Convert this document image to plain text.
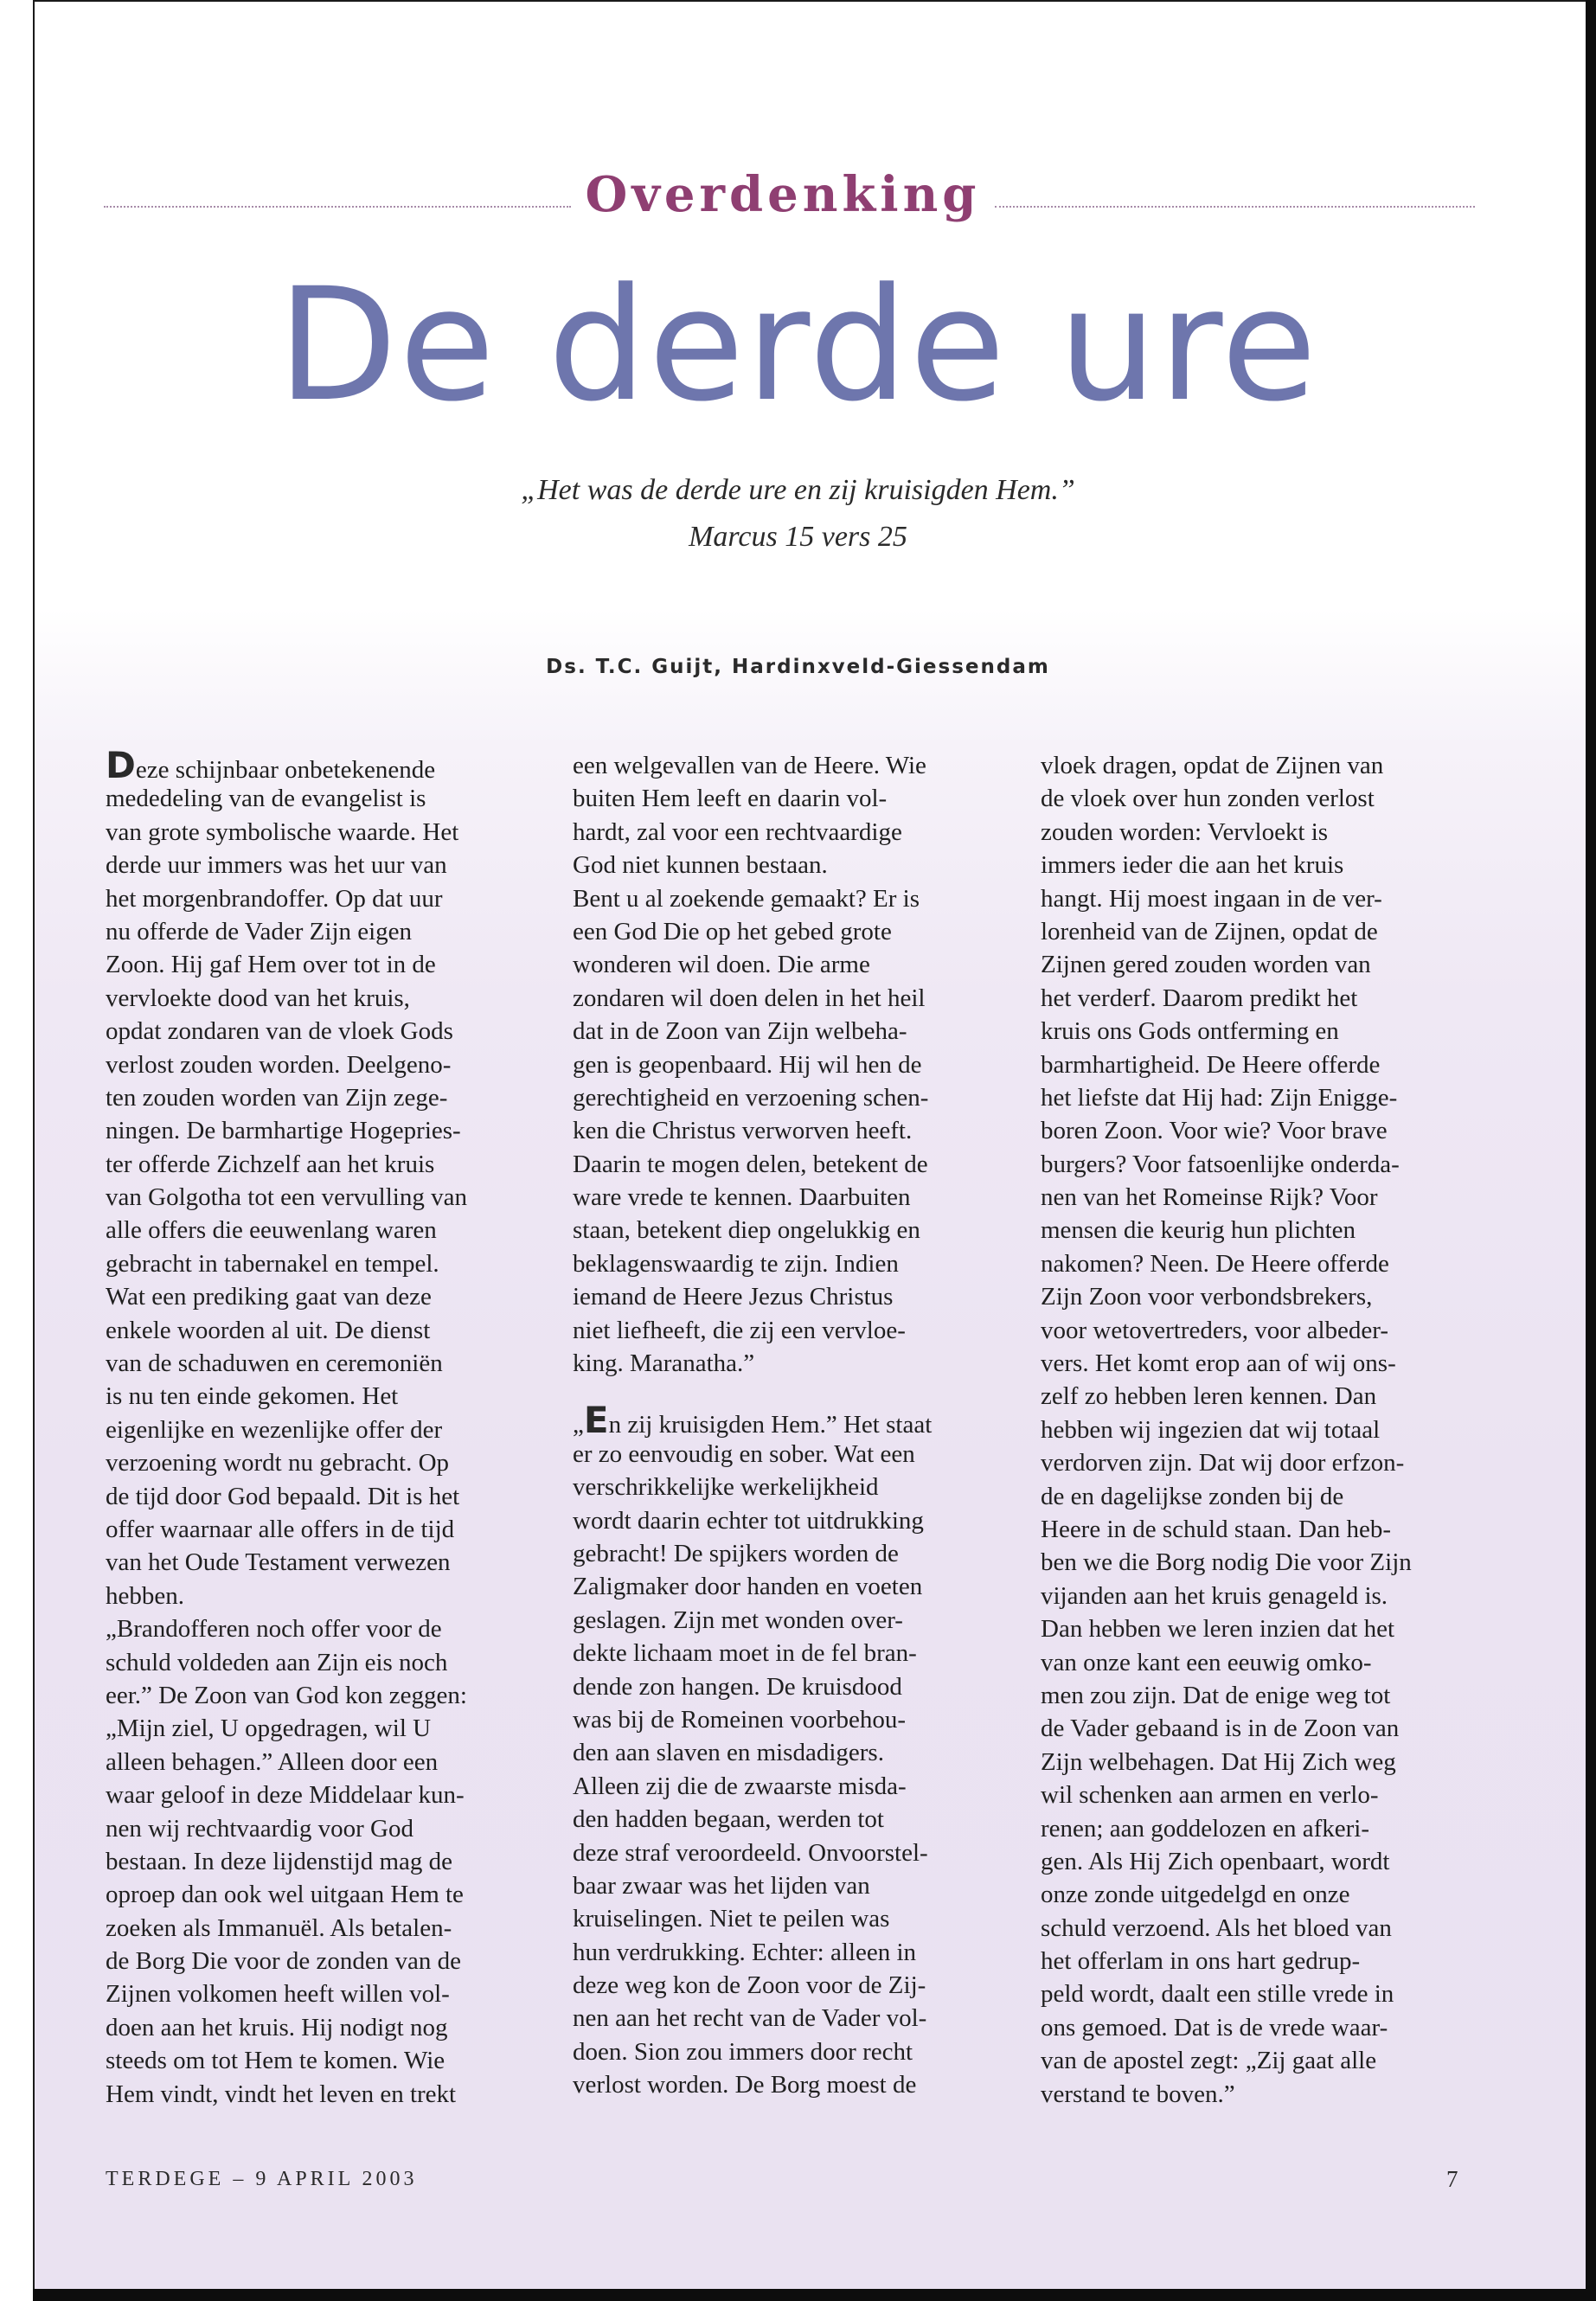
Overdenking
De derde ure
„Het was de derde ure en zij kruisigden Hem.”
Marcus 15 vers 25
Ds. T.C. Guijt, Hardinxveld-Giessendam
Deze schijnbaar onbetekenende
mededeling van de evangelist is
van grote symbolische waarde. Het
derde uur immers was het uur van
het morgenbrandoffer. Op dat uur
nu offerde de Vader Zijn eigen
Zoon. Hij gaf Hem over tot in de
vervloekte dood van het kruis,
opdat zondaren van de vloek Gods
verlost zouden worden. Deelgeno-
ten zouden worden van Zijn zege-
ningen. De barmhartige Hogepries-
ter offerde Zichzelf aan het kruis
van Golgotha tot een vervulling van
alle offers die eeuwenlang waren
gebracht in tabernakel en tempel.
Wat een prediking gaat van deze
enkele woorden al uit. De dienst
van de schaduwen en ceremoniën
is nu ten einde gekomen. Het
eigenlijke en wezenlijke offer der
verzoening wordt nu gebracht. Op
de tijd door God bepaald. Dit is het
offer waarnaar alle offers in de tijd
van het Oude Testament verwezen
hebben.
„Brandofferen noch offer voor de
schuld voldeden aan Zijn eis noch
eer.” De Zoon van God kon zeggen:
„Mijn ziel, U opgedragen, wil U
alleen behagen.” Alleen door een
waar geloof in deze Middelaar kun-
nen wij rechtvaardig voor God
bestaan. In deze lijdenstijd mag de
oproep dan ook wel uitgaan Hem te
zoeken als Immanuël. Als betalen-
de Borg Die voor de zonden van de
Zijnen volkomen heeft willen vol-
doen aan het kruis. Hij nodigt nog
steeds om tot Hem te komen. Wie
Hem vindt, vindt het leven en trekt
een welgevallen van de Heere. Wie
buiten Hem leeft en daarin vol-
hardt, zal voor een rechtvaardige
God niet kunnen bestaan.
Bent u al zoekende gemaakt? Er is
een God Die op het gebed grote
wonderen wil doen. Die arme
zondaren wil doen delen in het heil
dat in de Zoon van Zijn welbeha-
gen is geopenbaard. Hij wil hen de
gerechtigheid en verzoening schen-
ken die Christus verworven heeft.
Daarin te mogen delen, betekent de
ware vrede te kennen. Daarbuiten
staan, betekent diep ongelukkig en
beklagenswaardig te zijn. Indien
iemand de Heere Jezus Christus
niet liefheeft, die zij een vervloe-
king. Maranatha.”
„En zij kruisigden Hem.” Het staat
er zo eenvoudig en sober. Wat een
verschrikkelijke werkelijkheid
wordt daarin echter tot uitdrukking
gebracht! De spijkers worden de
Zaligmaker door handen en voeten
geslagen. Zijn met wonden over-
dekte lichaam moet in de fel bran-
dende zon hangen. De kruisdood
was bij de Romeinen voorbehou-
den aan slaven en misdadigers.
Alleen zij die de zwaarste misda-
den hadden begaan, werden tot
deze straf veroordeeld. Onvoorstel-
baar zwaar was het lijden van
kruiselingen. Niet te peilen was
hun verdrukking. Echter: alleen in
deze weg kon de Zoon voor de Zij-
nen aan het recht van de Vader vol-
doen. Sion zou immers door recht
verlost worden. De Borg moest de
vloek dragen, opdat de Zijnen van
de vloek over hun zonden verlost
zouden worden: Vervloekt is
immers ieder die aan het kruis
hangt. Hij moest ingaan in de ver-
lorenheid van de Zijnen, opdat de
Zijnen gered zouden worden van
het verderf. Daarom predikt het
kruis ons Gods ontferming en
barmhartigheid. De Heere offerde
het liefste dat Hij had: Zijn Enigge-
boren Zoon. Voor wie? Voor brave
burgers? Voor fatsoenlijke onderda-
nen van het Romeinse Rijk? Voor
mensen die keurig hun plichten
nakomen? Neen. De Heere offerde
Zijn Zoon voor verbondsbrekers,
voor wetovertreders, voor albeder-
vers. Het komt erop aan of wij ons-
zelf zo hebben leren kennen. Dan
hebben wij ingezien dat wij totaal
verdorven zijn. Dat wij door erfzon-
de en dagelijkse zonden bij de
Heere in de schuld staan. Dan heb-
ben we die Borg nodig Die voor Zijn
vijanden aan het kruis genageld is.
Dan hebben we leren inzien dat het
van onze kant een eeuwig omko-
men zou zijn. Dat de enige weg tot
de Vader gebaand is in de Zoon van
Zijn welbehagen. Dat Hij Zich weg
wil schenken aan armen en verlo-
renen; aan goddelozen en afkeri-
gen. Als Hij Zich openbaart, wordt
onze zonde uitgedelgd en onze
schuld verzoend. Als het bloed van
het offerlam in ons hart gedrup-
peld wordt, daalt een stille vrede in
ons gemoed. Dat is de vrede waar-
van de apostel zegt: „Zij gaat alle
verstand te boven.”
TERDEGE – 9 APRIL 2003	7
